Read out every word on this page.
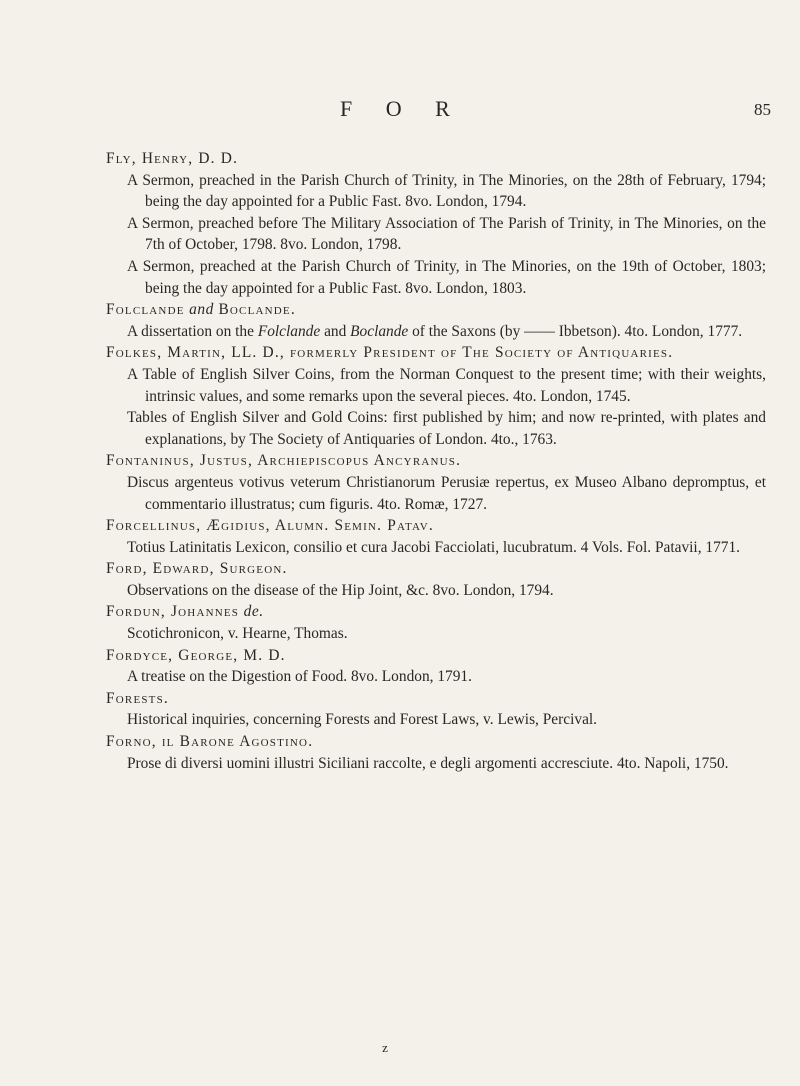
F O R	85

Fly, Henry, D. D.

A Sermon, preached in the Parish Church of Trinity, in The Minories, on the 28th of February, 1794; being the day appointed for a Public Fast. 8vo. London, 1794.

A Sermon, preached before The Military Association of The Parish of Trinity, in The Minories, on the 7th of October, 1798. 8vo. London, 1798.

A Sermon, preached at the Parish Church of Trinity, in The Minories, on the 19th of October, 1803; being the day appointed for a Public Fast. 8vo. London, 1803.

Folclande and Boclande.

A dissertation on the Folclande and Boclande of the Saxons (by —— Ibbetson). 4to. London, 1777.

Folkes, Martin, LL. D., formerly President of The Society of Antiquaries.

A Table of English Silver Coins, from the Norman Conquest to the present time; with their weights, intrinsic values, and some remarks upon the several pieces. 4to. London, 1745.

Tables of English Silver and Gold Coins: first published by him; and now re-printed, with plates and explanations, by The Society of Antiquaries of London. 4to., 1763.

Fontaninus, Justus, Archiepiscopus Ancyranus.

Discus argenteus votivus veterum Christianorum Perusiæ repertus, ex Museo Albano depromptus, et commentario illustratus; cum figuris. 4to. Romæ, 1727.

Forcellinus, Ægidius, Alumn. Semin. Patav.

Totius Latinitatis Lexicon, consilio et cura Jacobi Facciolati, lucubratum. 4 Vols. Fol. Patavii, 1771.

Ford, Edward, Surgeon.

Observations on the disease of the Hip Joint, &c. 8vo. London, 1794.

Fordun, Johannes de.

Scotichronicon, v. Hearne, Thomas.

Fordyce, George, M. D.

A treatise on the Digestion of Food. 8vo. London, 1791.

Forests.

Historical inquiries, concerning Forests and Forest Laws, v. Lewis, Percival.

Forno, il Barone Agostino.

Prose di diversi uomini illustri Siciliani raccolte, e degli argomenti accresciute. 4to. Napoli, 1750.

z
